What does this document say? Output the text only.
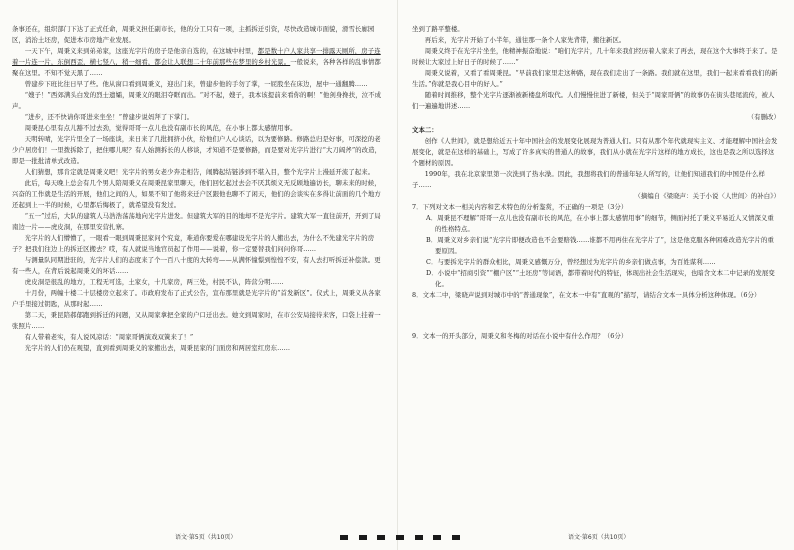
条事还在，组织部门下达了正式任命，周秉义担任副市长，他的分工只有一项，主抓拆迁引资，尽快改造城市面貌，滑雪长廊园区，消治土坯房，促进本市房地产业发展。

一天下午，周秉义来到弟弟家，这座光字片的房子是他亲自选的，在这城中村里，都是数十户人家共享一排露天厕所，房子连着一片连一片，东倒西歪，横七竖八，稍一细看，都会让人联想二十年前那些在梦里的乡村光景。一般说来，各种各样的乱事情都聚在这里。不知不觉天黑了……

曾建步下班比往日早了些。他从窗口看到周秉义，迎出门来，曾建步他的手勿了掌，一屁股坐在床边，屋中一通翻腾……

“嫂子！”西郊满头白发的烈士遗孀，周秉义的眼泪夺眶而出。“对不起，嫂子，我本该提前来看你的啊！”他剑身搀扶，泣不成声。

“进步，还不快请你哥进来坐坐！”曾建步说妈拜了下掌门。

周秉昆心里有点儿豁不过去劲，觉得哥哥一点儿也没有副市长的风范，在小事上都太感情用事。

天明转晴，光字片里全了一场座谈，来日来了几批拥挤小伙，给他们户人心谈话，以为要修路。修路总归是好事，可深挖的老少户居房们！一里拨拆除了，把住哪儿呢？有人始测拆长的人移谈，才知道不是要修路，而是要对光字片进行“大刀阔斧”的改造，即是一批批清单式改造。

人们猜想，那肯定就是周秉义吧！光字片的男女老少奔走相告，闹腾起结链涉到不堪入目，整个光字片上漫延开流了起来。

此后，每天晚上总会有几个男人陪周秉义在周秉昆家里聊天，他们回忆起过去会不厌其烦义无反顾地遍访长，聊未来的时候，兴奋的工作就是生活的开展，他们之间的人，如果不知了他将来迁户区跟他也聊不了闲天，他们的会谈实在多得让前面的几个地方还起到上一半的时候，心里都后悔极了，就希望没有发过。

“五一”过后，大队的建筑人马浩浩荡荡地向光字片进发。但建筑大军的目的地却不是光字片。建筑大军一直往前开，开到了局南边一片——虎皮洞，在那里安营扎寨。

光字片的人们懵懵了，一眼看一眼到周秉昆家问个究竟，难道你要爱在哪建设光字片的人搬出去，为什么不先建光字片的房子？把我们往边上的拆迁区搬去？哎，有人就说当地官员起了作用——说着，你一定要替我们问问你哥……

与测量队同期进驻的，光字片人们的态度来了个一百八十度的大转弯——从满怀憧憬到惶惶不安，有人去打听拆迁补偿款。更有一些人，在背后说起周秉义的坏话……

虎皮洞是很乱的地方，工程无可选，土家女，十几家房，两三处，村民不认，阵营分明……

十月份，两幢十楼二十层楼房立起来了。市政府发布了正式公告，宣布那里就是光字片的“首发新区”。仪式上，周秉义从各家户手里接过钥匙，从那时起……

第二天，秉昆陪郝郁跑到拆迁的问题，又从周家拿把全家的户口迁出去。她文到周家时，在市公安局接待来客，口袋上挂着一张照片……

有人带着老实，有人说风凉话：“周家哥俩演戏双簧来了！”

光字片的人们仍在观望，直到看到周秉义的家搬出去，周秉昆家的门面房和两居室红房东……

坐到了路平整楼。

再后来，光字片开始了小半年，通往那一条个人家先背带，搬往新区。

周秉义终于在光字片坐坐，他精神振奋地说：“咱们光字片，几十年来我们经历着人家来了再去，现在这个大事终于来了。是时候让大家过上好日子的时候了……”

周秉义说着，又看了看周秉昆。“早前我们家里走这种路，现在我们走出了一条路。我们就在这里，我们一起来看看我们的新生活。”你就是我心目中的好人。”

随着时间推移，整个光字片逐渐被新楼盘所取代。人们慢慢住进了新楼，但关于“周家哥俩”的故事仍在街头巷尾流传，被人们一遍遍地讲述……

（有删改）

文本二：

创作《人世间》，就是想给近五十年中国社会的发展变化展现为普通人们。只有从那个年代就现实主义、才能理解中国社会发展变化，就是在这样的基础上，写成了许多真实的普通人的故事，我们从小就在光字片这样的地方成长，这也是我之所以选择这个题材的原因。

1990年，我在北京家里第一次洗到了热水澡。因此，我想将我们的普通年轻人所写的，让他们知道我们的中国是什么样子……

（摘编自《梁晓声：关于小说〈人世间〉的补白》）

7．下列对文本一相关内容和艺术特色的分析鉴赏，不正确的一项是（3分）

A．周秉昆不理解“哥哥一点儿也没有副市长的风范，在小事上都太感情用事”的细节，侧面衬托了秉义平易近人又情深义重的性格特点。

B．周秉义对乡亲们说“光字片即便改造也不会要赔钱……谁都不用再住在光字片了”，这是他克服各种困难改造光字片的重要原因。

C．与要拆光字片的群众相比，周秉义感慨万分，曾经想过为光字片的乡亲们做点事，为百姓谋利……

D．小说中“招商引资”“棚户区”“土坯房”等词语，都带着时代的特征，体现出社会生活现实，也暗含文本二中记录的发展变化。

8．文本二中，梁晓声说到对城市中的“普通现象”，在文本一中有“直观的”描写，请结合文本一具体分析这种体现。（6分）

9．文本一的开头部分，周秉义和冬梅的对话在小说中有什么作用？（6分）

语文·第5页（共10页）	语文·第6页（共10页）
